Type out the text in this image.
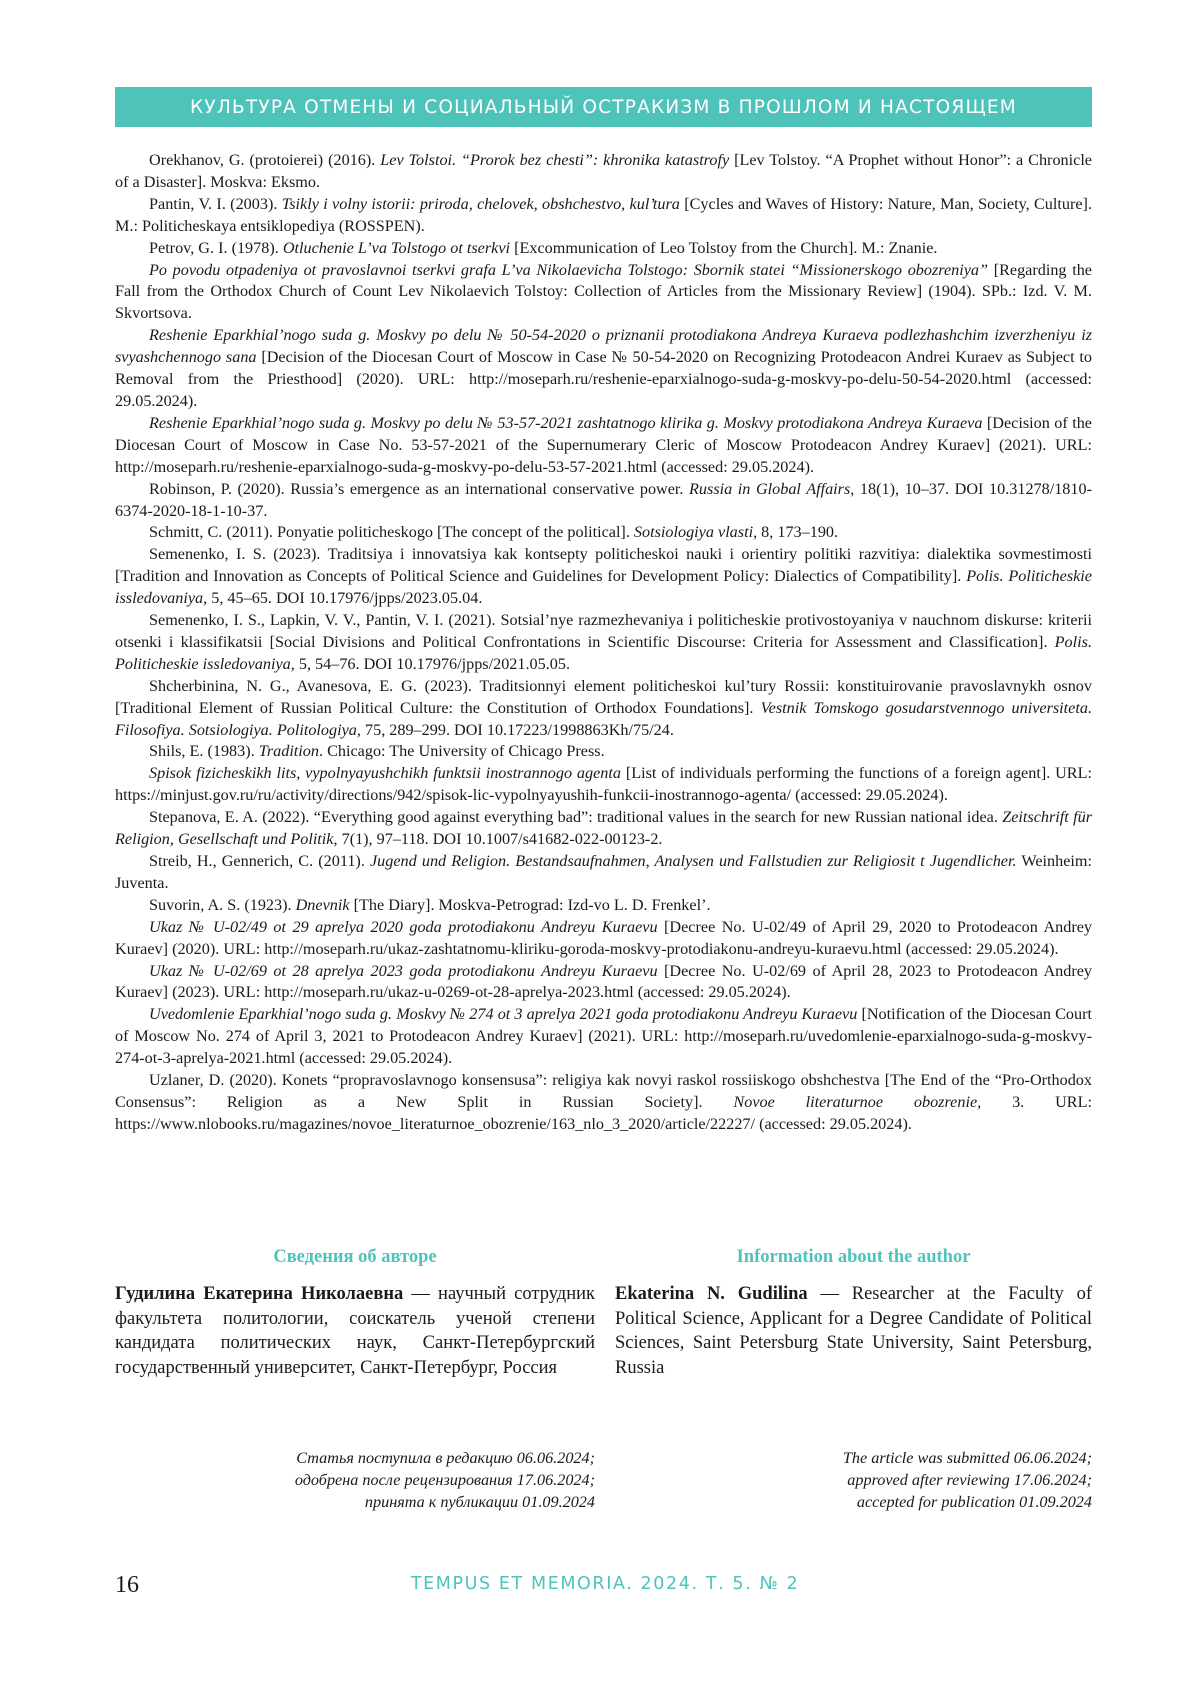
КУЛЬТУРА ОТМЕНЫ И СОЦИАЛЬНЫЙ ОСТРАКИЗМ В ПРОШЛОМ И НАСТОЯЩЕМ

Orekhanov, G. (protoierei) (2016). Lev Tolstoi. “Prorok bez chesti”: khronika katastrofy [Lev Tolstoy. “A Prophet without Honor”: a Chronicle of a Disaster]. Moskva: Eksmo.

Pantin, V. I. (2003). Tsikly i volny istorii: priroda, chelovek, obshchestvo, kul’tura [Cycles and Waves of History: Nature, Man, Society, Culture]. M.: Politicheskaya entsiklopediya (ROSSPEN).

Petrov, G. I. (1978). Otluchenie L’va Tolstogo ot tserkvi [Excommunication of Leo Tolstoy from the Church]. M.: Znanie.

Po povodu otpadeniya ot pravoslavnoi tserkvi grafa L’va Nikolaevicha Tolstogo: Sbornik statei “Missionerskogo obozreniya” [Regarding the Fall from the Orthodox Church of Count Lev Nikolaevich Tolstoy: Collection of Articles from the Missionary Review] (1904). SPb.: Izd. V. M. Skvortsova.

Reshenie Eparkhial’nogo suda g. Moskvy po delu № 50-54-2020 o priznanii protodiakona Andreya Kuraeva podlezhashchim izverzheniyu iz svyashchennogo sana [Decision of the Diocesan Court of Moscow in Case № 50-54-2020 on Recognizing Protodeacon Andrei Kuraev as Subject to Removal from the Priesthood] (2020). URL: http://moseparh.ru/reshenie-eparxialnogo-suda-g-moskvy-po-delu-50-54-2020.html (accessed: 29.05.2024).

Reshenie Eparkhial’nogo suda g. Moskvy po delu № 53-57-2021 zashtatnogo klirika g. Moskvy protodiakona Andreya Kuraeva [Decision of the Diocesan Court of Moscow in Case No. 53-57-2021 of the Supernumerary Cleric of Moscow Protodeacon Andrey Kuraev] (2021). URL: http://moseparh.ru/reshenie-eparxialnogo-suda-g-moskvy-po-delu-53-57-2021.html (accessed: 29.05.2024).

Robinson, P. (2020). Russia’s emergence as an international conservative power. Russia in Global Affairs, 18(1), 10–37. DOI 10.31278/1810-6374-2020-18-1-10-37.

Schmitt, C. (2011). Ponyatie politicheskogo [The concept of the political]. Sotsiologiya vlasti, 8, 173–190.

Semenenko, I. S. (2023). Traditsiya i innovatsiya kak kontsepty politicheskoi nauki i orientiry politiki razvitiya: dialektika sovmestimosti [Tradition and Innovation as Concepts of Political Science and Guidelines for Development Policy: Dialectics of Compatibility]. Polis. Politicheskie issledovaniya, 5, 45–65. DOI 10.17976/jpps/2023.05.04.

Semenenko, I. S., Lapkin, V. V., Pantin, V. I. (2021). Sotsial’nye razmezhevaniya i politicheskie protivostoyaniya v nauchnom diskurse: kriterii otsenki i klassifikatsii [Social Divisions and Political Confrontations in Scientific Discourse: Criteria for Assessment and Classification]. Polis. Politicheskie issledovaniya, 5, 54–76. DOI 10.17976/jpps/2021.05.05.

Shcherbinina, N. G., Avanesova, E. G. (2023). Traditsionnyi element politicheskoi kul’tury Rossii: konstituirovanie pravoslavnykh osnov [Traditional Element of Russian Political Culture: the Constitution of Orthodox Foundations]. Vestnik Tomskogo gosudarstvennogo universiteta. Filosofiya. Sotsiologiya. Politologiya, 75, 289–299. DOI 10.17223/1998863Kh/75/24.

Shils, E. (1983). Tradition. Chicago: The University of Chicago Press.

Spisok fizicheskikh lits, vypolnyayushchikh funktsii inostrannogo agenta [List of individuals performing the functions of a foreign agent]. URL: https://minjust.gov.ru/ru/activity/directions/942/spisok-lic-vypolnyayushih-funkcii-inostrannogo-agenta/ (accessed: 29.05.2024).

Stepanova, E. A. (2022). “Everything good against everything bad”: traditional values in the search for new Russian national idea. Zeitschrift für Religion, Gesellschaft und Politik, 7(1), 97–118. DOI 10.1007/s41682-022-00123-2.

Streib, H., Gennerich, C. (2011). Jugend und Religion. Bestandsaufnahmen, Analysen und Fallstudien zur Religiosit t Jugendlicher. Weinheim: Juventa.

Suvorin, A. S. (1923). Dnevnik [The Diary]. Moskva-Petrograd: Izd-vo L. D. Frenkel’.

Ukaz № U-02/49 ot 29 aprelya 2020 goda protodiakonu Andreyu Kuraevu [Decree No. U-02/49 of April 29, 2020 to Protodeacon Andrey Kuraev] (2020). URL: http://moseparh.ru/ukaz-zashtatnomu-kliriku-goroda-moskvy-protodiakonu-andreyu-kuraevu.html (accessed: 29.05.2024).

Ukaz № U-02/69 ot 28 aprelya 2023 goda protodiakonu Andreyu Kuraevu [Decree No. U-02/69 of April 28, 2023 to Protodeacon Andrey Kuraev] (2023). URL: http://moseparh.ru/ukaz-u-0269-ot-28-aprelya-2023.html (accessed: 29.05.2024).

Uvedomlenie Eparkhial’nogo suda g. Moskvy № 274 ot 3 aprelya 2021 goda protodiakonu Andreyu Kuraevu [Notification of the Diocesan Court of Moscow No. 274 of April 3, 2021 to Protodeacon Andrey Kuraev] (2021). URL: http://moseparh.ru/uvedomlenie-eparxialnogo-suda-g-moskvy-274-ot-3-aprelya-2021.html (accessed: 29.05.2024).

Uzlaner, D. (2020). Konets “propravoslavnogo konsensusa”: religiya kak novyi raskol rossiiskogo obshchestva [The End of the “Pro-Orthodox Consensus”: Religion as a New Split in Russian Society]. Novoe literaturnoe obozrenie, 3. URL: https://www.nlobooks.ru/magazines/novoe_literaturnoe_obozrenie/163_nlo_3_2020/article/22227/ (accessed: 29.05.2024).

Сведения об авторе

Гудилина Екатерина Николаевна — научный сотрудник факультета политологии, соискатель ученой степени кандидата политических наук, Санкт-Петербургский государственный университет, Санкт-Петербург, Россия

Information about the author

Ekaterina N. Gudilina — Researcher at the Faculty of Political Science, Applicant for a Degree Candidate of Political Sciences, Saint Petersburg State University, Saint Petersburg, Russia

Статья поступила в редакцию 06.06.2024;
одобрена после рецензирования 17.06.2024;
принята к публикации 01.09.2024
The article was submitted 06.06.2024;
approved after reviewing 17.06.2024;
accepted for publication 01.09.2024
16	TEMPUS ET MEMORIA. 2024. Т. 5. № 2
